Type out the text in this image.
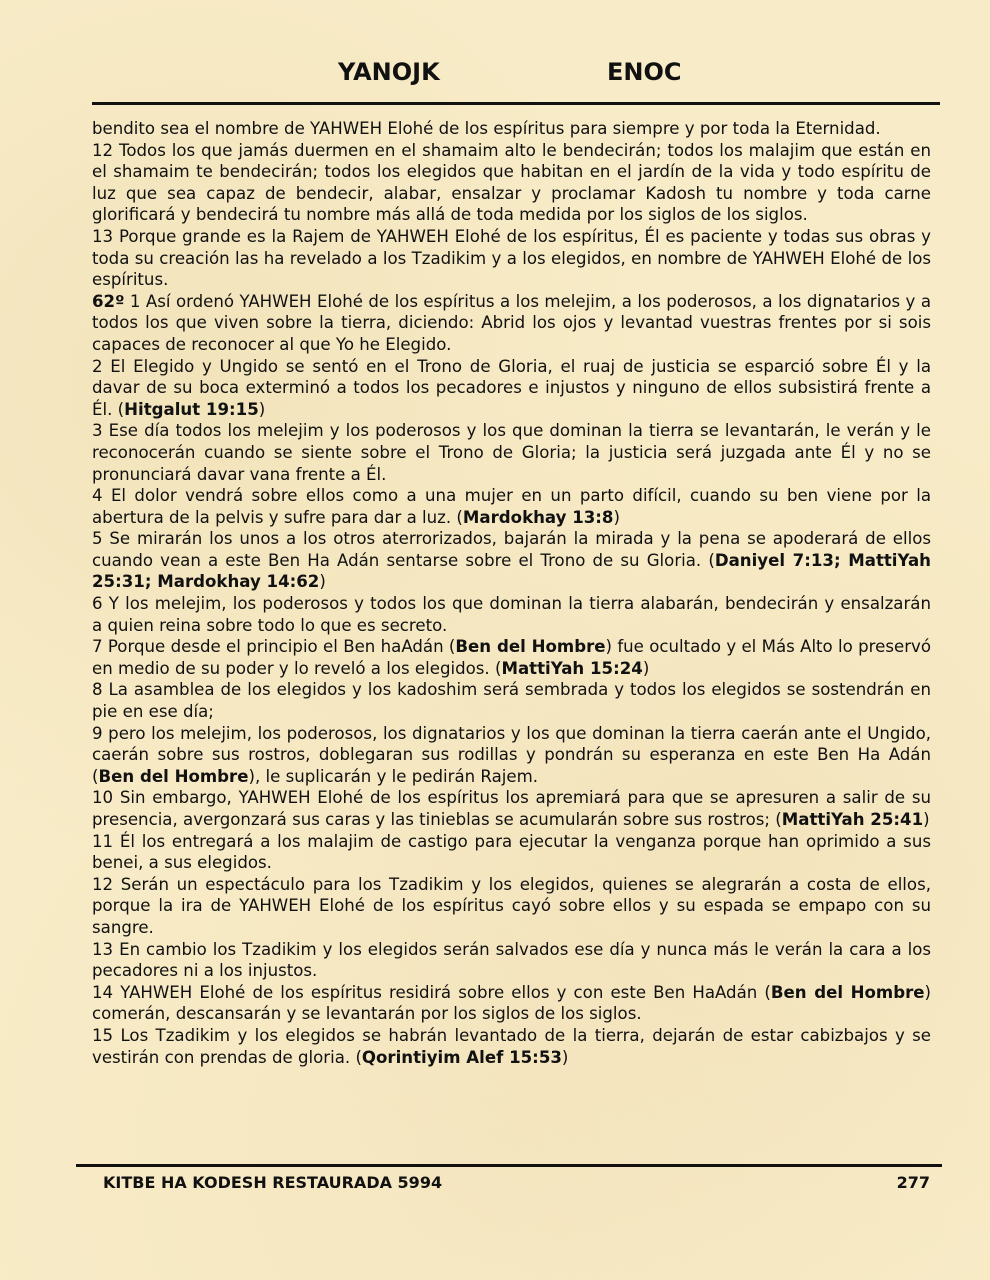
YANOJK	ENOC

bendito sea el nombre de YAHWEH Elohé de los espíritus para siempre y por toda la Eternidad.

12 Todos los que jamás duermen en el shamaim alto le bendecirán; todos los malajim que están en el shamaim te bendecirán; todos los elegidos que habitan en el jardín de la vida y todo espíritu de luz que sea capaz de bendecir, alabar, ensalzar y proclamar Kadosh tu nombre y toda carne glorificará y bendecirá tu nombre más allá de toda medida por los siglos de los siglos.

13 Porque grande es la Rajem de YAHWEH Elohé de los espíritus, Él es paciente y todas sus obras y toda su creación las ha revelado a los Tzadikim y a los elegidos, en nombre de YAHWEH Elohé de los espíritus.

62º 1 Así ordenó YAHWEH Elohé de los espíritus a los melejim, a los poderosos, a los dignatarios y a todos los que viven sobre la tierra, diciendo: Abrid los ojos y levantad vuestras frentes por si sois capaces de reconocer al que Yo he Elegido.

2 El Elegido y Ungido se sentó en el Trono de Gloria, el ruaj de justicia se esparció sobre Él y la davar de su boca exterminó a todos los pecadores e injustos y ninguno de ellos subsistirá frente a Él. (Hitgalut 19:15)

3 Ese día todos los melejim y los poderosos y los que dominan la tierra se levantarán, le verán y le reconocerán cuando se siente sobre el Trono de Gloria; la justicia será juzgada ante Él y no se pronunciará davar vana frente a Él.

4 El dolor vendrá sobre ellos como a una mujer en un parto difícil, cuando su ben viene por la abertura de la pelvis y sufre para dar a luz. (Mardokhay 13:8)

5 Se mirarán los unos a los otros aterrorizados, bajarán la mirada y la pena se apoderará de ellos cuando vean a este Ben Ha Adán sentarse sobre el Trono de su Gloria. (Daniyel 7:13; MattiYah 25:31; Mardokhay 14:62)

6 Y los melejim, los poderosos y todos los que dominan la tierra alabarán, bendecirán y ensalzarán a quien reina sobre todo lo que es secreto.

7 Porque desde el principio el Ben haAdán (Ben del Hombre) fue ocultado y el Más Alto lo preservó en medio de su poder y lo reveló a los elegidos. (MattiYah 15:24)

8 La asamblea de los elegidos y los kadoshim será sembrada y todos los elegidos se sostendrán en pie en ese día;

9 pero los melejim, los poderosos, los dignatarios y los que dominan la tierra caerán ante el Ungido, caerán sobre sus rostros, doblegaran sus rodillas y pondrán su esperanza en este Ben Ha Adán (Ben del Hombre), le suplicarán y le pedirán Rajem.

10 Sin embargo, YAHWEH Elohé de los espíritus los apremiará para que se apresuren a salir de su presencia, avergonzará sus caras y las tinieblas se acumularán sobre sus rostros; (MattiYah 25:41)

11 Él los entregará a los malajim de castigo para ejecutar la venganza porque han oprimido a sus benei, a sus elegidos.

12 Serán un espectáculo para los Tzadikim y los elegidos, quienes se alegrarán a costa de ellos, porque la ira de YAHWEH Elohé de los espíritus cayó sobre ellos y su espada se empapo con su sangre.

13 En cambio los Tzadikim y los elegidos serán salvados ese día y nunca más le verán la cara a los pecadores ni a los injustos.

14 YAHWEH Elohé de los espíritus residirá sobre ellos y con este Ben HaAdán (Ben del Hombre) comerán, descansarán y se levantarán por los siglos de los siglos.

15 Los Tzadikim y los elegidos se habrán levantado de la tierra, dejarán de estar cabizbajos y se vestirán con prendas de gloria. (Qorintiyim Alef 15:53)

KITBE HA KODESH RESTAURADA 5994	277
